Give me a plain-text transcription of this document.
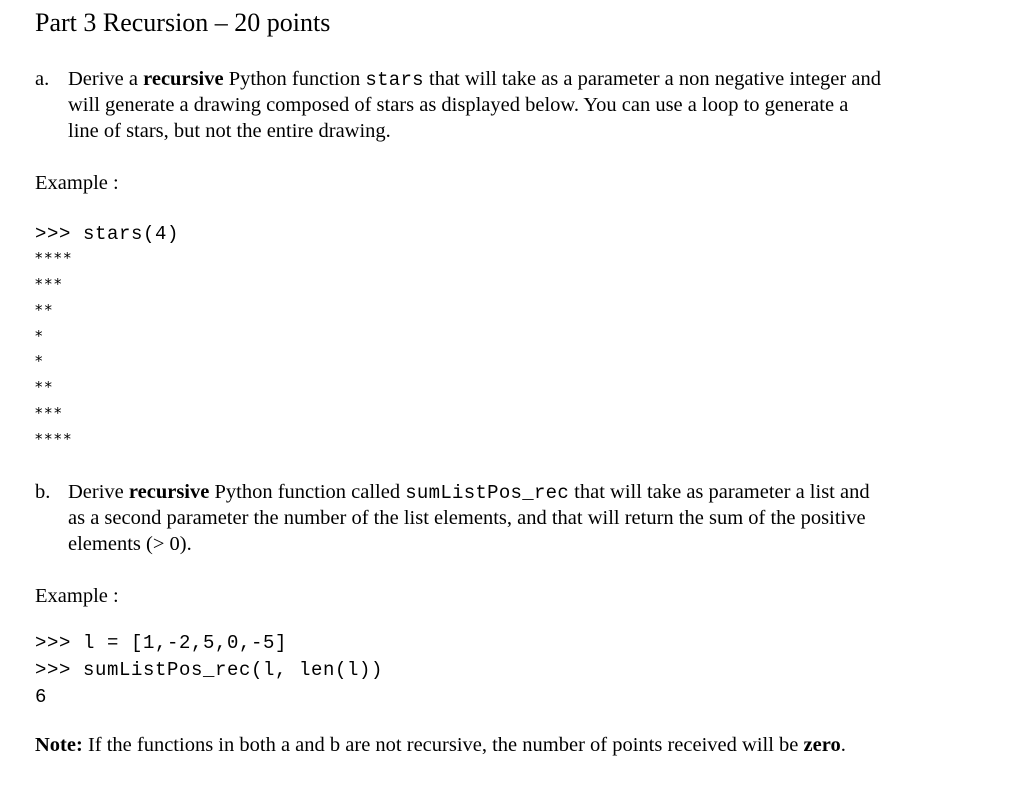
Part 3 Recursion – 20 points
a. Derive a recursive Python function stars that will take as a parameter a non negative integer and
will generate a drawing composed of stars as displayed below. You can use a loop to generate a
line of stars, but not the entire drawing.
Example :
>>> stars(4)
****
***
**
*
*
**
***
****
b. Derive recursive Python function called sumListPos_rec that will take as parameter a list and
as a second parameter the number of the list elements, and that will return the sum of the positive
elements (> 0).
Example :
>>> l = [1,-2,5,0,-5]
>>> sumListPos_rec(l, len(l))
6
Note: If the functions in both a and b are not recursive, the number of points received will be zero.
